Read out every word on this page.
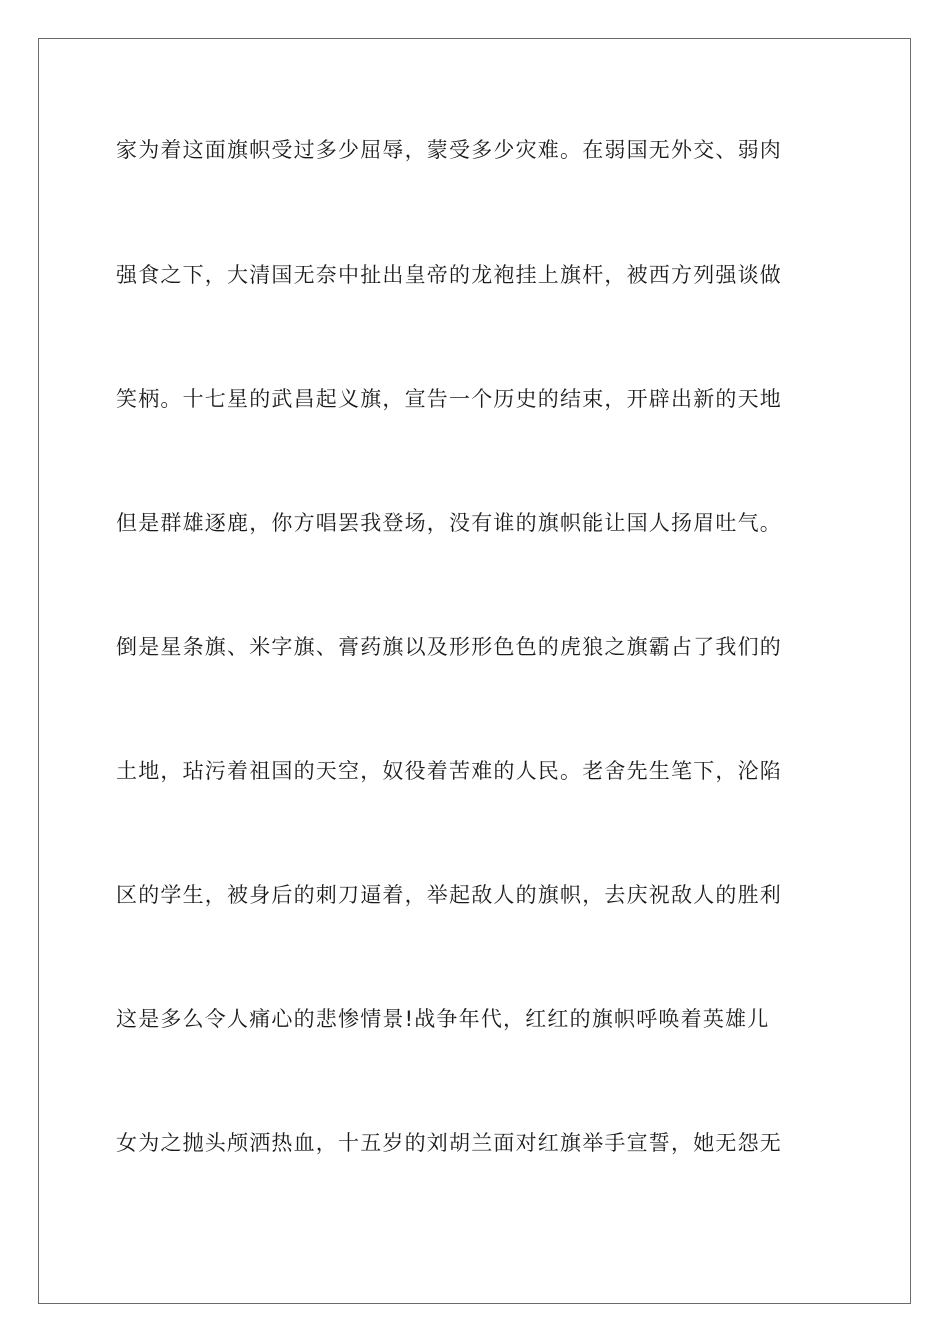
家为着这面旗帜受过多少屈辱，蒙受多少灾难。在弱国无外交、弱肉
强食之下，大清国无奈中扯出皇帝的龙袍挂上旗杆，被西方列强谈做
笑柄。十七星的武昌起义旗，宣告一个历史的结束，开辟出新的天地
但是群雄逐鹿，你方唱罢我登场，没有谁的旗帜能让国人扬眉吐气。
倒是星条旗、米字旗、膏药旗以及形形色色的虎狼之旗霸占了我们的
土地，玷污着祖国的天空，奴役着苦难的人民。老舍先生笔下，沦陷
区的学生，被身后的刺刀逼着，举起敌人的旗帜，去庆祝敌人的胜利
这是多么令人痛心的悲惨情景!战争年代，红红的旗帜呼唤着英雄儿
女为之抛头颅洒热血，十五岁的刘胡兰面对红旗举手宣誓，她无怨无
